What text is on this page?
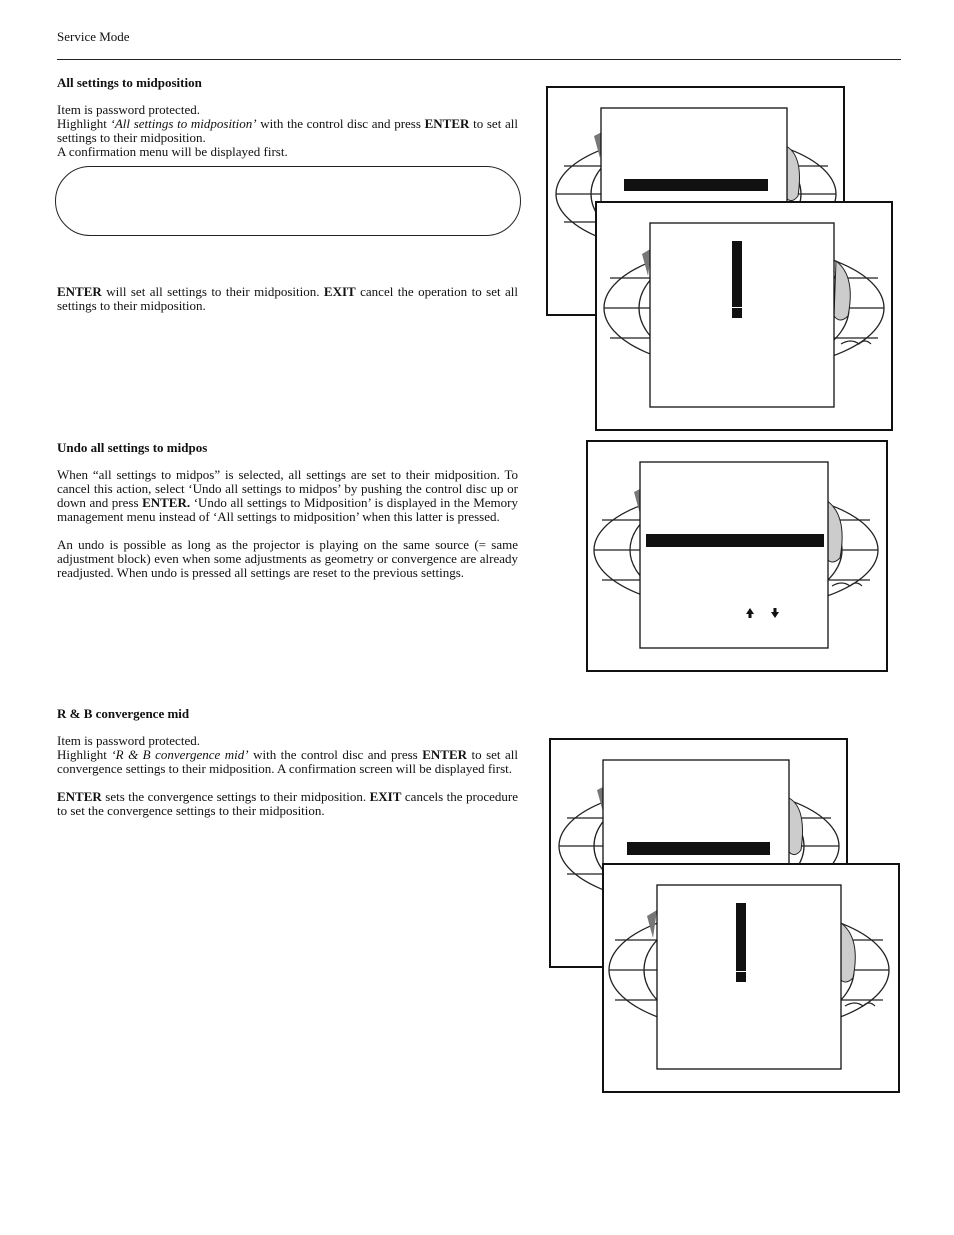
Service Mode
All settings to midposition

Item is password protected.

Highlight ‘All settings to midposition’ with the control disc and press ENTER to set all settings to their midposition.

A confirmation menu will be displayed first.

ENTER will set all settings to their midposition. EXIT cancel the operation to set all settings to their midposition.

Undo all settings to midpos

When “all settings to midpos” is selected, all settings are set to their midposition. To cancel this action, select ‘Undo all settings to midpos’ by pushing the control disc up or down and press ENTER. ‘Undo all settings to Midposition’ is displayed in the Memory management menu instead of ‘All settings to midposition’ when this latter is pressed.

An undo is possible as long as the projector is playing on the same source (= same adjustment block) even when some adjustments as geometry or convergence are already readjusted. When undo is pressed all settings are reset to the previous settings.

R & B convergence mid

Item is password protected.

Highlight ‘R & B convergence mid’ with the control disc and press ENTER to set all convergence settings to their midposition. A confirmation screen will be displayed first.

ENTER sets the convergence settings to their midposition. EXIT cancels the procedure to set the convergence settings to their midposition.
